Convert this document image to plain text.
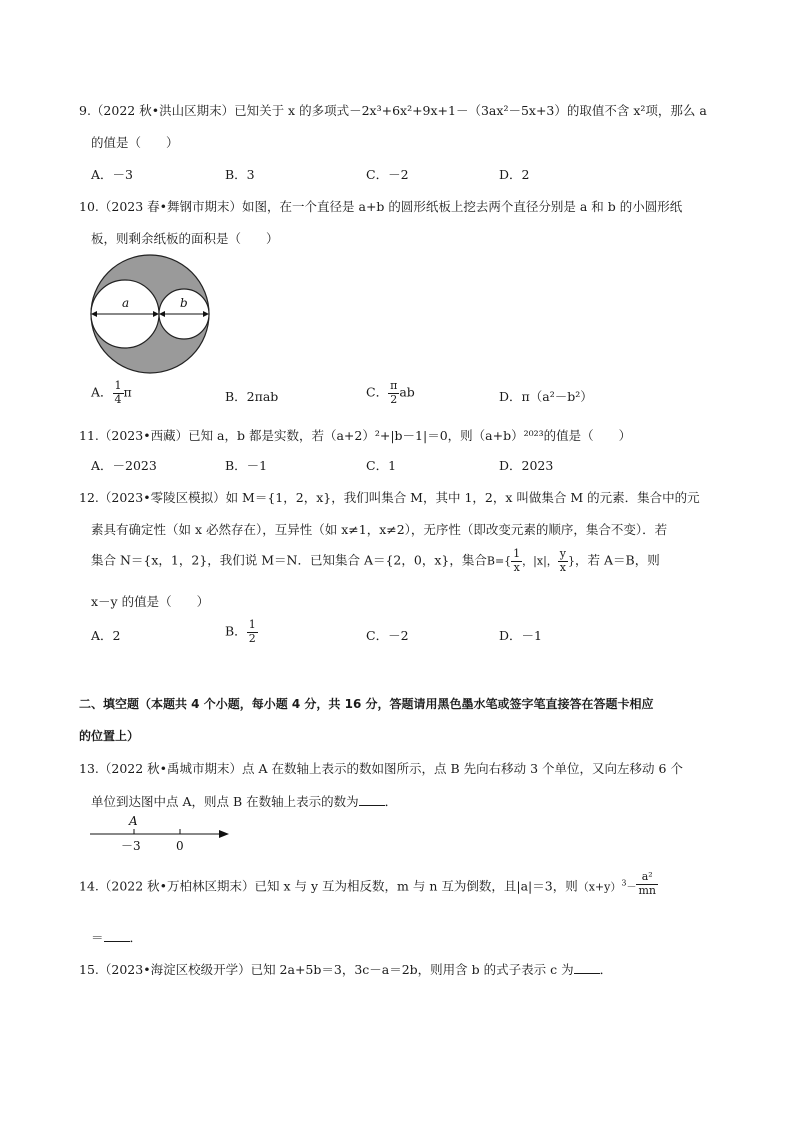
9.（2022 秋•洪山区期末）已知关于 x 的多项式－2x³+6x²+9x+1－（3ax²－5x+3）的取值不含 x²项，那么 a
的值是（　　）
A．－3	B．3	C．－2	D．2
10.（2023 春•舞钢市期末）如图，在一个直径是 a+b 的圆形纸板上挖去两个直径分别是 a 和 b 的小圆形纸
板，则剩余纸板的面积是（　　）
a	b
A． $\frac{1}{4}$ π	B．2πab	C． $\frac{\pi}{2}$ ab	D．π（a²－b²）
11.（2023•西藏）已知 a，b 都是实数，若（a+2）²+|b－1|＝0，则（a+b）²⁰²³的值是（　　）
A．－2023	B．－1	C．1	D．2023
12.（2023•零陵区模拟）如 M＝{1，2，x}，我们叫集合 M，其中 1，2，x 叫做集合 M 的元素．集合中的元
素具有确定性（如 x 必然存在），互异性（如 x≠1，x≠2），无序性（即改变元素的顺序，集合不变）．若
集合 N＝{x，1，2}，我们说 M＝N．已知集合 A＝{2，0，x}，集合$B=\{ \frac{1}{x}$ ，|x|， $\frac{y}{x}$ }，若 A＝B，则
x－y 的值是（　　）
A．2	B． $\frac{1}{2}$	C．－2	D．－1
二、填空题（本题共 4 个小题，每小题 4 分，共 16 分，答题请用黑色墨水笔或签字笔直接答在答题卡相应
的位置上）
13.（2022 秋•禹城市期末）点 A 在数轴上表示的数如图所示，点 B 先向右移动 3 个单位，又向左移动 6 个
单位到达图中点 A，则点 B 在数轴上表示的数为 ．
A
－3	0
14.（2022 秋•万柏林区期末）已知 x 与 y 互为相反数，m 与 n 互为倒数，且|a|＝3，则$(x+y)^3- \frac{\text{a²}}{mn}$
＝ ．
15.（2023•海淀区校级开学）已知 2a+5b＝3，3c－a＝2b，则用含 b 的式子表示 c 为 ．
